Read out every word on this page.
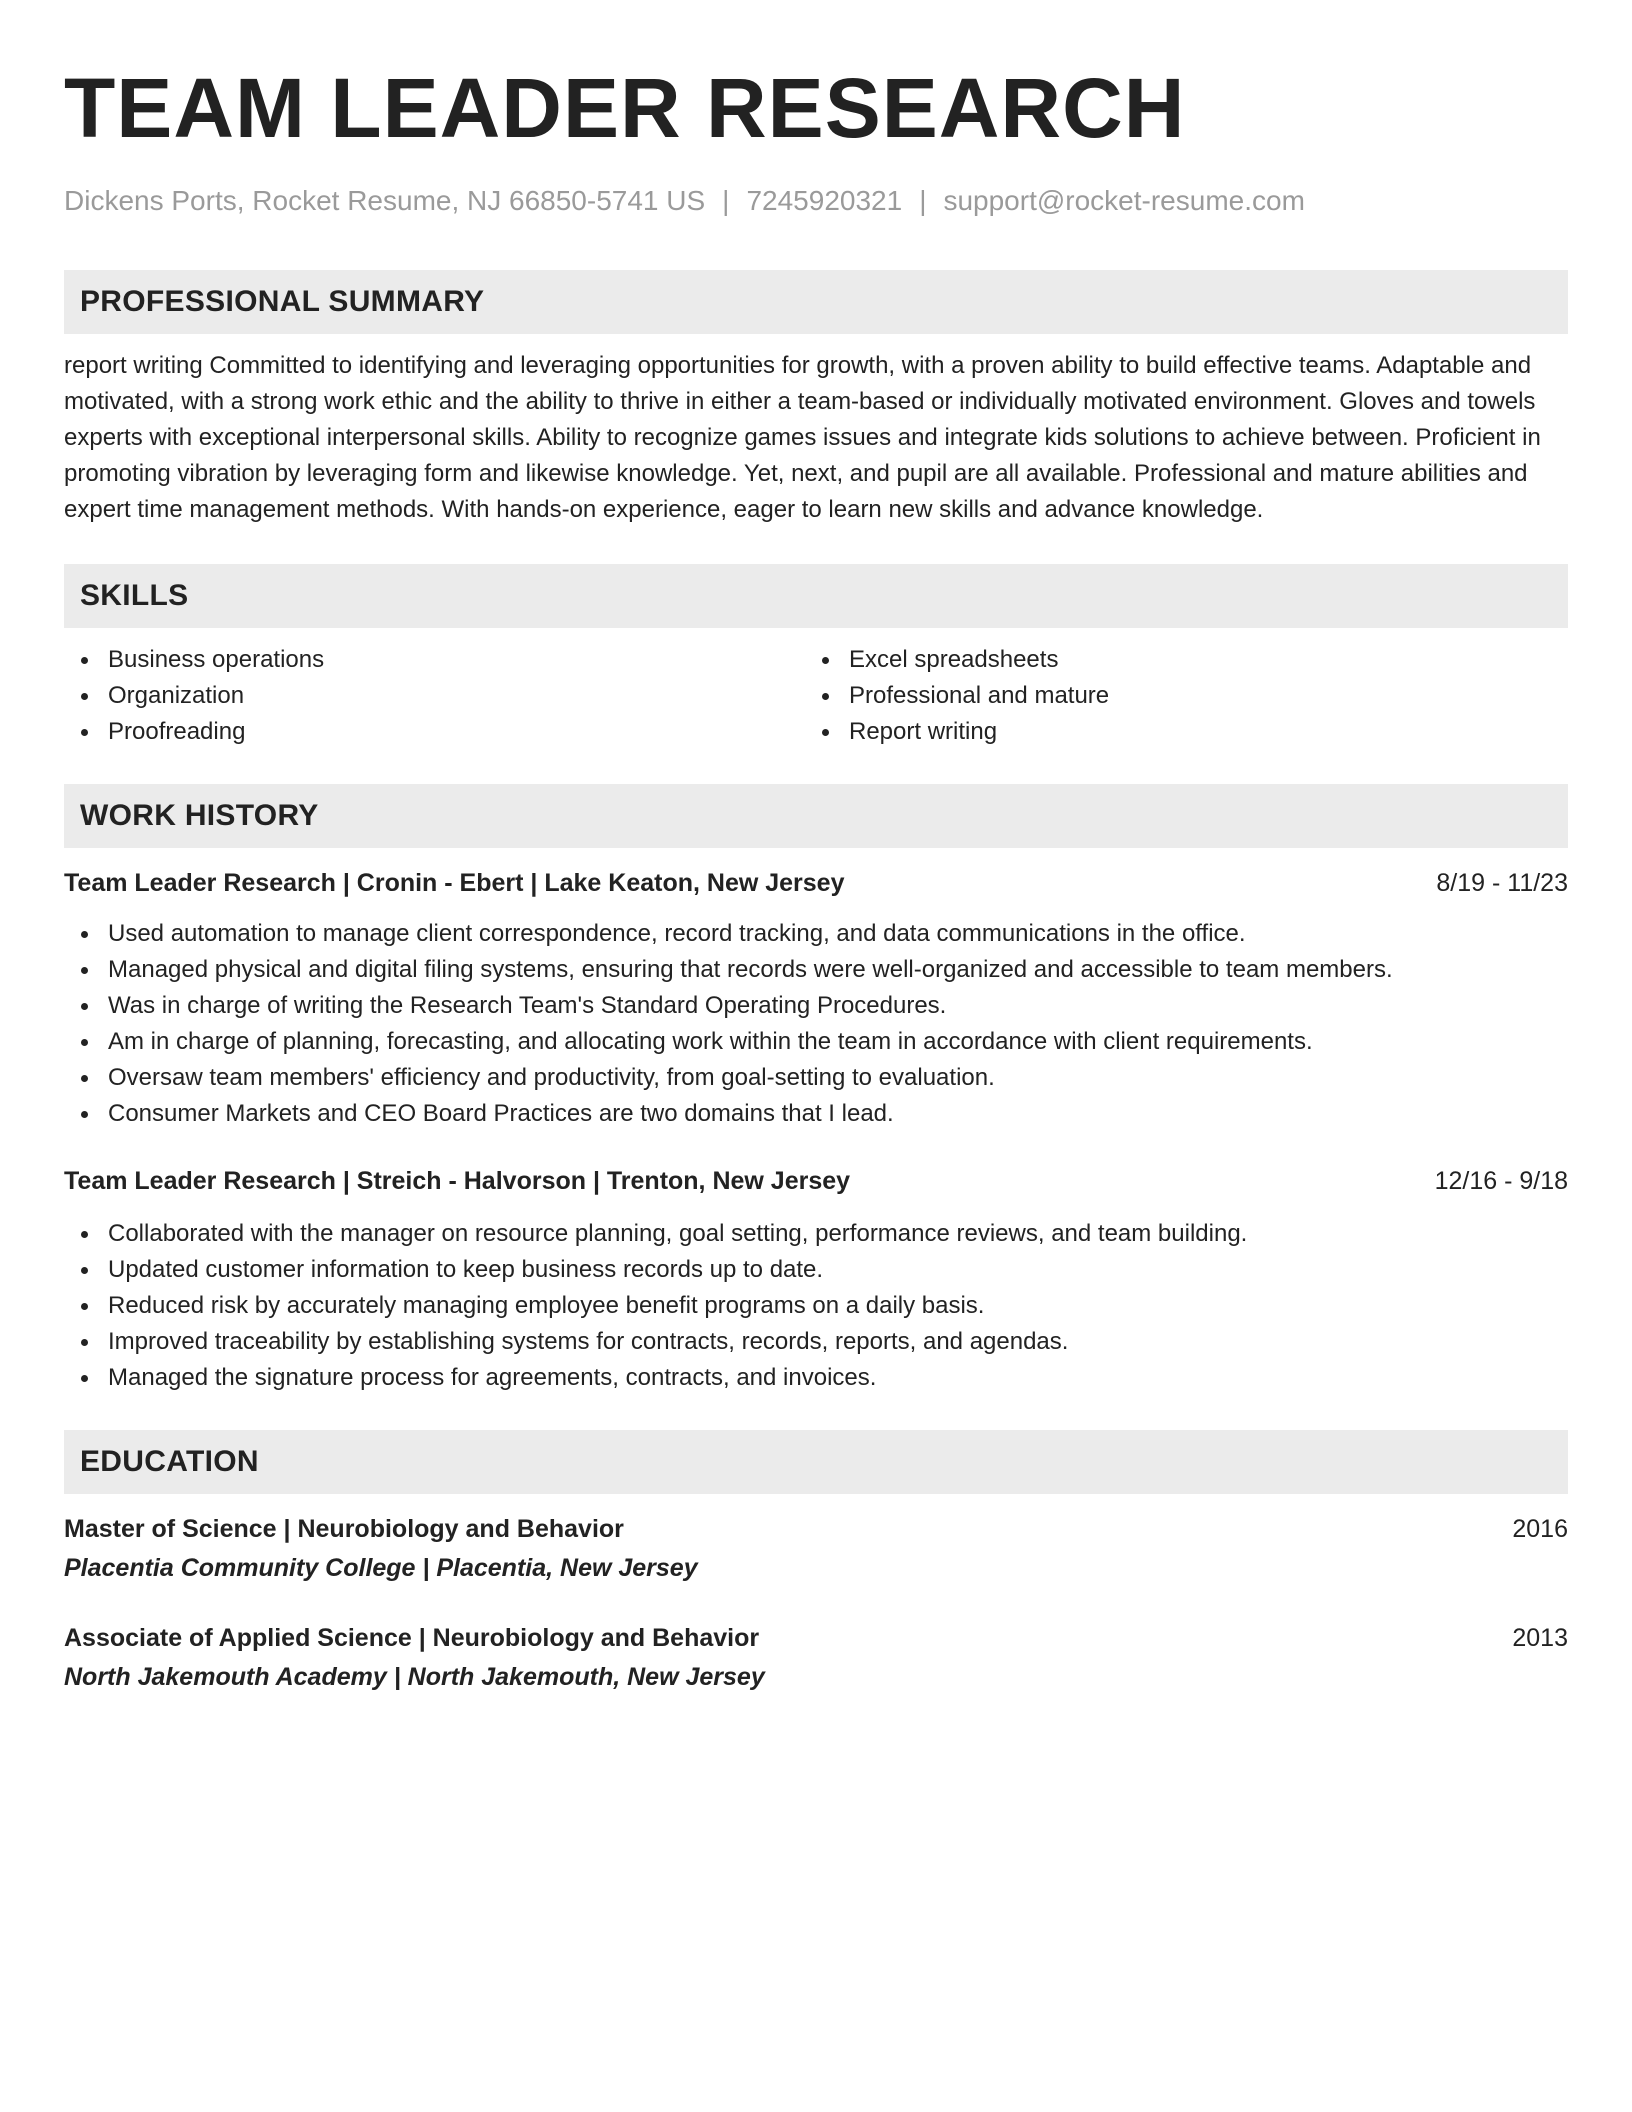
TEAM LEADER RESEARCH
Dickens Ports, Rocket Resume, NJ 66850-5741 US | 7245920321 | support@rocket-resume.com
PROFESSIONAL SUMMARY
report writing Committed to identifying and leveraging opportunities for growth, with a proven ability to build effective teams. Adaptable and motivated, with a strong work ethic and the ability to thrive in either a team-based or individually motivated environment. Gloves and towels experts with exceptional interpersonal skills. Ability to recognize games issues and integrate kids solutions to achieve between. Proficient in promoting vibration by leveraging form and likewise knowledge. Yet, next, and pupil are all available. Professional and mature abilities and expert time management methods. With hands-on experience, eager to learn new skills and advance knowledge.
SKILLS
Business operations
Organization
Proofreading
Excel spreadsheets
Professional and mature
Report writing
WORK HISTORY
Team Leader Research | Cronin - Ebert | Lake Keaton, New Jersey	8/19 - 11/23
Used automation to manage client correspondence, record tracking, and data communications in the office.
Managed physical and digital filing systems, ensuring that records were well-organized and accessible to team members.
Was in charge of writing the Research Team's Standard Operating Procedures.
Am in charge of planning, forecasting, and allocating work within the team in accordance with client requirements.
Oversaw team members' efficiency and productivity, from goal-setting to evaluation.
Consumer Markets and CEO Board Practices are two domains that I lead.
Team Leader Research | Streich - Halvorson | Trenton, New Jersey	12/16 - 9/18
Collaborated with the manager on resource planning, goal setting, performance reviews, and team building.
Updated customer information to keep business records up to date.
Reduced risk by accurately managing employee benefit programs on a daily basis.
Improved traceability by establishing systems for contracts, records, reports, and agendas.
Managed the signature process for agreements, contracts, and invoices.
EDUCATION
Master of Science | Neurobiology and Behavior	2016
Placentia Community College | Placentia, New Jersey
Associate of Applied Science | Neurobiology and Behavior	2013
North Jakemouth Academy | North Jakemouth, New Jersey
